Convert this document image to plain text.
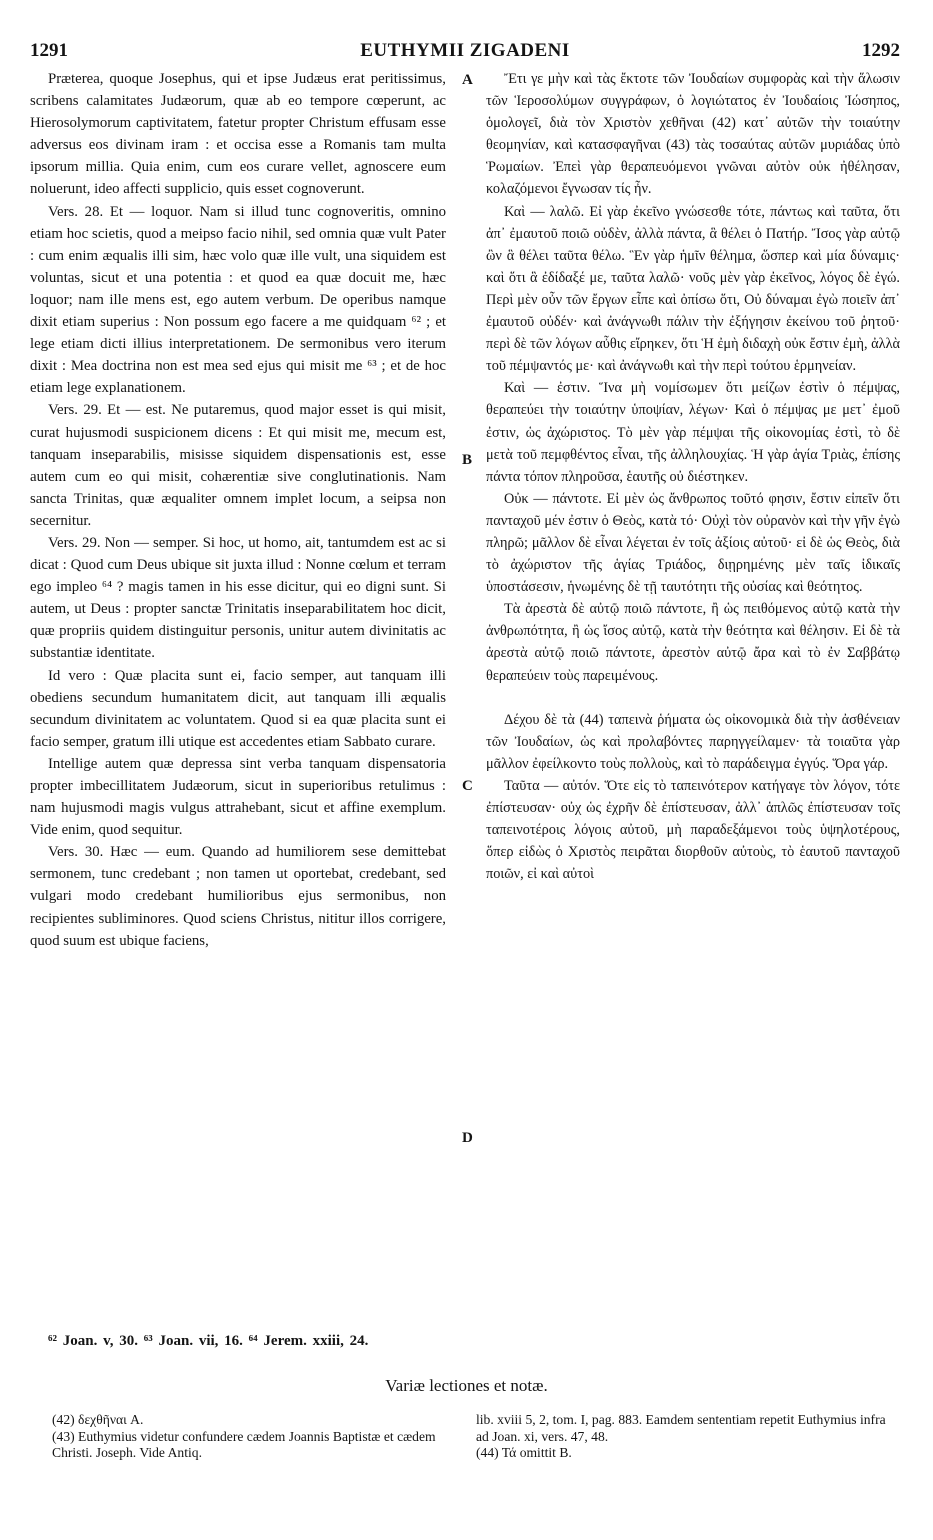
1291	EUTHYMII ZIGADENI	1292

Præterea, quoque Josephus, qui et ipse Judæus erat peritissimus, scribens calamitates Judæorum, quæ ab eo tempore cœperunt, ac Hierosolymorum captivitatem, fatetur propter Christum effusam esse adversus eos divinam iram : et occisa esse a Romanis tam multa ipsorum millia. Quia enim, cum eos curare vellet, agnoscere eum noluerunt, ideo affecti supplicio, quis esset cognoverunt.

Vers. 28. Et — loquor. Nam si illud tunc cognoveritis, omnino etiam hoc scietis, quod a meipso facio nihil, sed omnia quæ vult Pater : cum enim æqualis illi sim, hæc volo quæ ille vult, una siquidem est voluntas, sicut et una potentia : et quod ea quæ docuit me, hæc loquor; nam ille mens est, ego autem verbum. De operibus namque dixit etiam superius : Non possum ego facere a me quidquam ⁶² ; et lege etiam dicti illius interpretationem. De sermonibus vero iterum dixit : Mea doctrina non est mea sed ejus qui misit me ⁶³ ; et de hoc etiam lege explanationem.

Vers. 29. Et — est. Ne putaremus, quod major esset is qui misit, curat hujusmodi suspicionem dicens : Et qui misit me, mecum est, tanquam inseparabilis, misisse siquidem dispensationis est, esse autem cum eo qui misit, cohærentiæ sive conglutinationis. Nam sancta Trinitas, quæ æqualiter omnem implet locum, a seipsa non secernitur.

Vers. 29. Non — semper. Si hoc, ut homo, ait, tantumdem est ac si dicat : Quod cum Deus ubique sit juxta illud : Nonne cœlum et terram ego impleo ⁶⁴ ? magis tamen in his esse dicitur, qui eo digni sunt. Si autem, ut Deus : propter sanctæ Trinitatis inseparabilitatem hoc dicit, quæ propriis quidem distinguitur personis, unitur autem divinitatis ac substantiæ identitate.

Id vero : Quæ placita sunt ei, facio semper, aut tanquam illi obediens secundum humanitatem dicit, aut tanquam illi æqualis secundum divinitatem ac voluntatem. Quod si ea quæ placita sunt ei facio semper, gratum illi utique est accedentes etiam Sabbato curare.

Intellige autem quæ depressa sint verba tanquam dispensatoria propter imbecillitatem Judæorum, sicut in superioribus retulimus : nam hujusmodi magis vulgus attrahebant, sicut et affine exemplum. Vide enim, quod sequitur.

Vers. 30. Hæc — eum. Quando ad humiliorem sese demittebat sermonem, tunc credebant ; non tamen ut oportebat, credebant, sed vulgari modo credebant humilioribus ejus sermonibus, non recipientes subliminores. Quod sciens Christus, nititur illos corrigere, quod suum est ubique faciens,

A
B
C
D

Ἔτι γε μὴν καὶ τὰς ἔκτοτε τῶν Ἰουδαίων συμφορὰς καὶ τὴν ἅλωσιν τῶν Ἱεροσολύμων συγγράφων, ὁ λογιώτατος ἐν Ἰουδαίοις Ἰώσηπος, ὁμολογεῖ, διὰ τὸν Χριστὸν χεθῆναι (42) κατ᾽ αὐτῶν τὴν τοιαύτην θεομηνίαν, καὶ κατασφαγῆναι (43) τὰς τοσαύτας αὐτῶν μυριάδας ὑπὸ Ῥωμαίων. Ἐπεὶ γὰρ θεραπευόμενοι γνῶναι αὐτὸν οὐκ ἠθέλησαν, κολαζόμενοι ἔγνωσαν τίς ἦν.

Καὶ — λαλῶ. Εἰ γὰρ ἐκεῖνο γνώσεσθε τότε, πάντως καὶ ταῦτα, ὅτι ἀπ᾽ ἐμαυτοῦ ποιῶ οὐδὲν, ἀλλὰ πάντα, ἃ θέλει ὁ Πατήρ. Ἴσος γὰρ αὐτῷ ὢν ἃ θέλει ταῦτα θέλω. Ἓν γὰρ ἡμῖν θέλημα, ὥσπερ καὶ μία δύναμις· καὶ ὅτι ἃ ἐδίδαξέ με, ταῦτα λαλῶ· νοῦς μὲν γὰρ ἐκεῖνος, λόγος δὲ ἐγώ. Περὶ μὲν οὖν τῶν ἔργων εἶπε καὶ ὀπίσω ὅτι, Οὐ δύναμαι ἐγὼ ποιεῖν ἀπ᾽ ἐμαυτοῦ οὐδέν· καὶ ἀνάγνωθι πάλιν τὴν ἐξήγησιν ἐκείνου τοῦ ῥητοῦ· περὶ δὲ τῶν λόγων αὖθις εἴρηκεν, ὅτι Ἡ ἐμὴ διδαχὴ οὐκ ἔστιν ἐμὴ, ἀλλὰ τοῦ πέμψαντός με· καὶ ἀνάγνωθι καὶ τὴν περὶ τούτου ἑρμηνείαν.

Καὶ — ἐστιν. Ἵνα μὴ νομίσωμεν ὅτι μείζων ἐστὶν ὁ πέμψας, θεραπεύει τὴν τοιαύτην ὑποψίαν, λέγων· Καὶ ὁ πέμψας με μετ᾽ ἐμοῦ ἐστιν, ὡς ἀχώριστος. Τὸ μὲν γὰρ πέμψαι τῆς οἰκονομίας ἐστὶ, τὸ δὲ μετὰ τοῦ πεμφθέντος εἶναι, τῆς ἀλληλουχίας. Ἡ γὰρ ἁγία Τριὰς, ἐπίσης πάντα τόπον πληροῦσα, ἑαυτῆς οὐ διέστηκεν.

Οὐκ — πάντοτε. Εἰ μὲν ὡς ἄνθρωπος τοῦτό φησιν, ἔστιν εἰπεῖν ὅτι πανταχοῦ μέν ἐστιν ὁ Θεὸς, κατὰ τό· Οὐχὶ τὸν οὐρανὸν καὶ τὴν γῆν ἐγὼ πληρῶ; μᾶλλον δὲ εἶναι λέγεται ἐν τοῖς ἀξίοις αὐτοῦ· εἰ δὲ ὡς Θεὸς, διὰ τὸ ἀχώριστον τῆς ἁγίας Τριάδος, διῃρημένης μὲν ταῖς ἰδικαῖς ὑποστάσεσιν, ἡνωμένης δὲ τῇ ταυτότητι τῆς οὐσίας καὶ θεότητος.

Τὰ ἀρεστὰ δὲ αὐτῷ ποιῶ πάντοτε, ἢ ὡς πειθόμενος αὐτῷ κατὰ τὴν ἀνθρωπότητα, ἢ ὡς ἴσος αὐτῷ, κατὰ τὴν θεότητα καὶ θέλησιν. Εἰ δὲ τὰ ἀρεστὰ αὐτῷ ποιῶ πάντοτε, ἀρεστὸν αὐτῷ ἄρα καὶ τὸ ἐν Σαββάτῳ θεραπεύειν τοὺς παρειμένους.

Δέχου δὲ τὰ (44) ταπεινὰ ῥήματα ὡς οἰκονομικὰ διὰ τὴν ἀσθένειαν τῶν Ἰουδαίων, ὡς καὶ προλαβόντες παρηγγείλαμεν· τὰ τοιαῦτα γὰρ μᾶλλον ἐφείλκοντο τοὺς πολλοὺς, καὶ τὸ παράδειγμα ἐγγύς. Ὅρα γάρ.

Ταῦτα — αὐτόν. Ὅτε εἰς τὸ ταπεινότερον κατήγαγε τὸν λόγον, τότε ἐπίστευσαν· οὐχ ὡς ἐχρῆν δὲ ἐπίστευσαν, ἀλλ᾽ ἁπλῶς ἐπίστευσαν τοῖς ταπεινοτέροις λόγοις αὐτοῦ, μὴ παραδεξάμενοι τοὺς ὑψηλοτέρους, ὅπερ εἰδὼς ὁ Χριστὸς πειρᾶται διορθοῦν αὐτοὺς, τὸ ἑαυτοῦ πανταχοῦ ποιῶν, εἰ καὶ αὐτοὶ

⁶² Joan. v, 30. ⁶³ Joan. vii, 16. ⁶⁴ Jerem. xxiii, 24.
Variæ lectiones et notæ.
(42) δεχθῆναι A.
(43) Euthymius videtur confundere cædem Joannis Baptistæ et cædem Christi. Joseph. Vide Antiq.
lib. xviii 5, 2, tom. I, pag. 883. Eamdem sententiam repetit Euthymius infra ad Joan. xi, vers. 47, 48.
(44) Τά omittit B.
